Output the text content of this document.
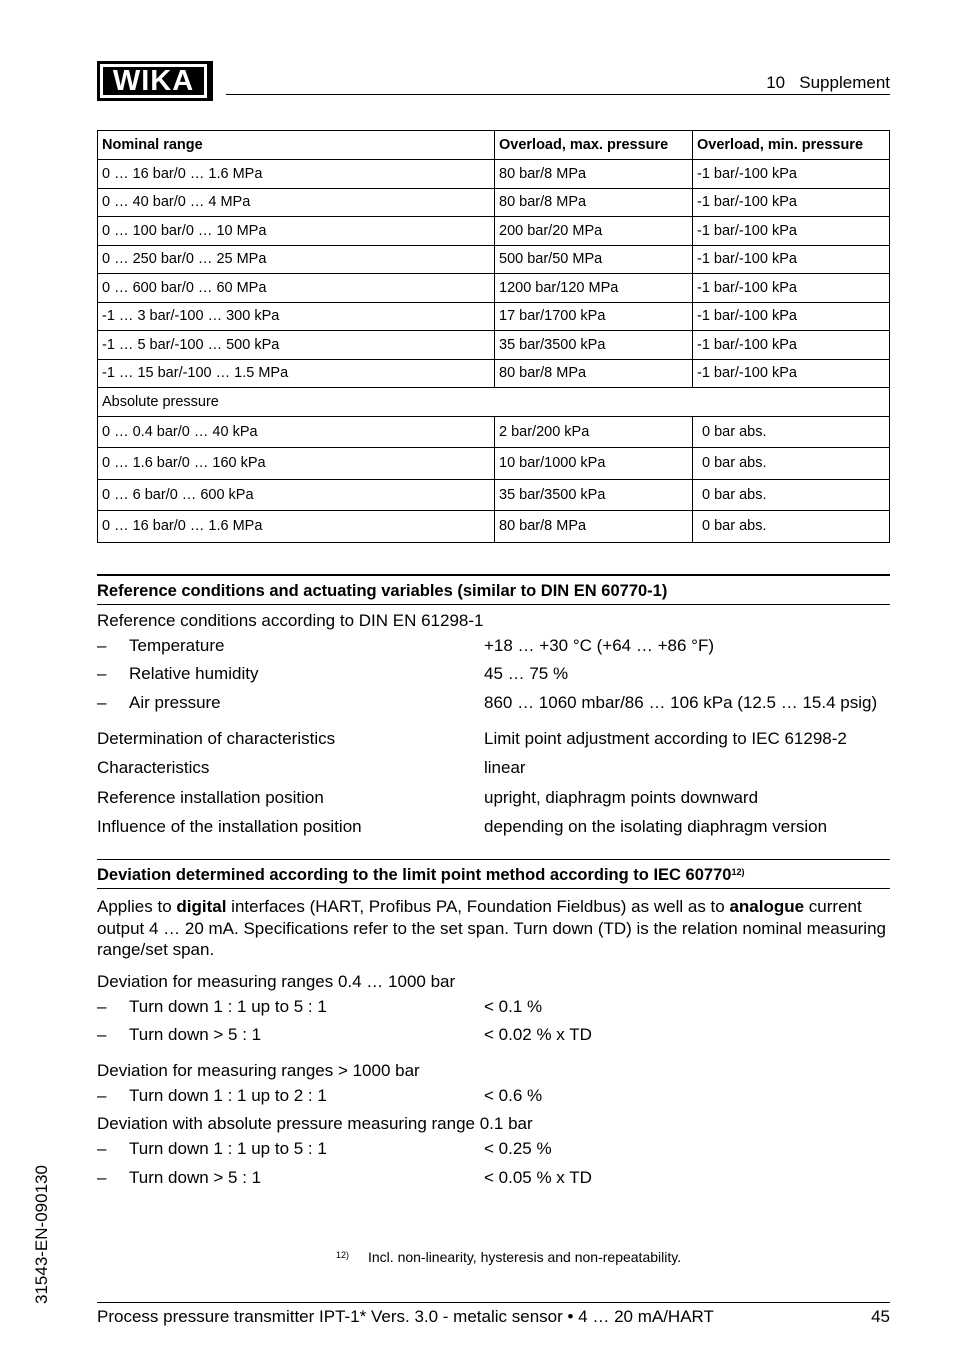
WIKA	10   Supplement
Nominal range	Overload, max. pressure	Overload, min. pressure
0 … 16 bar/0 … 1.6 MPa	80 bar/8 MPa	-1 bar/-100 kPa
0 … 40 bar/0 … 4 MPa	80 bar/8 MPa	-1 bar/-100 kPa
0 … 100 bar/0 … 10 MPa	200 bar/20 MPa	-1 bar/-100 kPa
0 … 250 bar/0 … 25 MPa	500 bar/50 MPa	-1 bar/-100 kPa
0 … 600 bar/0 … 60 MPa	1200 bar/120 MPa	-1 bar/-100 kPa
-1 … 3 bar/-100 … 300 kPa	17 bar/1700 kPa	-1 bar/-100 kPa
-1 … 5 bar/-100 … 500 kPa	35 bar/3500 kPa	-1 bar/-100 kPa
-1 … 15 bar/-100 … 1.5 MPa	80 bar/8 MPa	-1 bar/-100 kPa
Absolute pressure		
0 … 0.4 bar/0 … 40 kPa	2 bar/200 kPa	0 bar abs.
0 … 1.6 bar/0 … 160 kPa	10 bar/1000 kPa	0 bar abs.
0 … 6 bar/0 … 600 kPa	35 bar/3500 kPa	0 bar abs.
0 … 16 bar/0 … 1.6 MPa	80 bar/8 MPa	0 bar abs.
Reference conditions and actuating variables (similar to DIN EN 60770-1)
Reference conditions according to DIN EN 61298-1
– Temperature	+18 … +30 °C (+64 … +86 °F)
– Relative humidity	45 … 75 %
– Air pressure	860 … 1060 mbar/86 … 106 kPa (12.5 … 15.4 psig)
Determination of characteristics	Limit point adjustment according to IEC 61298-2
Characteristics	linear
Reference installation position	upright, diaphragm points downward
Influence of the installation position	depending on the isolating diaphragm version
Deviation determined according to the limit point method according to IEC 60770$^{12)}$
Applies to digital interfaces (HART, Profibus PA, Foundation Fieldbus) as well as to analogue current output 4 … 20 mA. Specifications refer to the set span. Turn down (TD) is the relation nominal measuring range/set span.
Deviation for measuring ranges 0.4 … 1000 bar
– Turn down 1 : 1 up to 5 : 1	< 0.1 %
– Turn down > 5 : 1	< 0.02 % x TD
Deviation for measuring ranges > 1000 bar
– Turn down 1 : 1 up to 2 : 1	< 0.6 %
Deviation with absolute pressure measuring range 0.1 bar
– Turn down 1 : 1 up to 5 : 1	< 0.25 %
– Turn down > 5 : 1	< 0.05 % x TD
12) Incl. non-linearity, hysteresis and non-repeatability.
31543-EN-090130
Process pressure transmitter IPT-1* Vers. 3.0 - metalic sensor • 4 … 20 mA/HART	45
